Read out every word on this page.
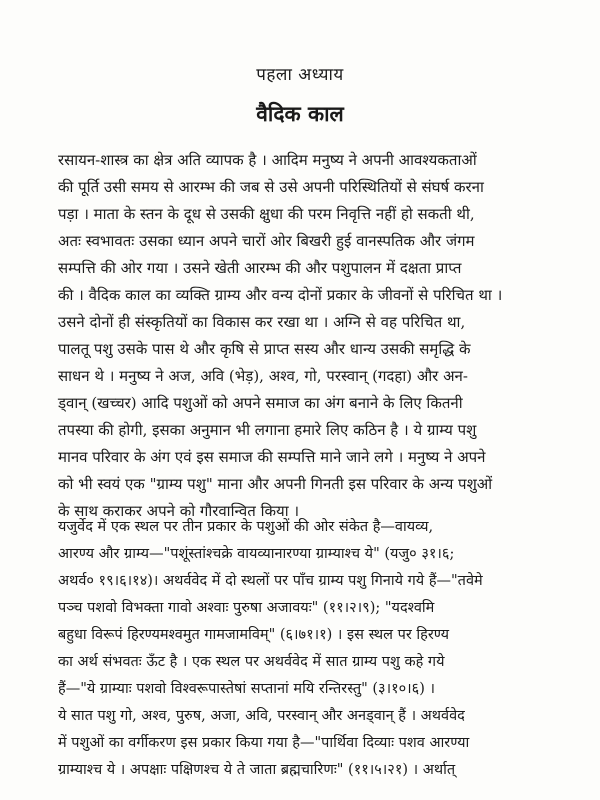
पहला अध्याय
वैदिक काल
रसायन-शास्त्र का क्षेत्र अति व्यापक है । आदिम मनुष्य ने अपनी आवश्यकताओं
की पूर्ति उसी समय से आरम्भ की जब से उसे अपनी परिस्थितियों से संघर्ष करना
पड़ा । माता के स्तन के दूध से उसकी क्षुधा की परम निवृत्ति नहीं हो सकती थी,
अतः स्वभावतः उसका ध्यान अपने चारों ओर बिखरी हुई वानस्पतिक और जंगम
सम्पत्ति की ओर गया । उसने खेती आरम्भ की और पशुपालन में दक्षता प्राप्त
की । वैदिक काल का व्यक्ति ग्राम्य और वन्य दोनों प्रकार के जीवनों से परिचित था ।
उसने दोनों ही संस्कृतियों का विकास कर रखा था । अग्नि से वह परिचित था,
पालतू पशु उसके पास थे और कृषि से प्राप्त सस्य और धान्य उसकी समृद्धि के
साधन थे । मनुष्य ने अज, अवि (भेड़), अश्व, गो, परस्वान् (गदहा) और अन-
ड्वान् (खच्चर) आदि पशुओं को अपने समाज का अंग बनाने के लिए कितनी
तपस्या की होगी, इसका अनुमान भी लगाना हमारे लिए कठिन है । ये ग्राम्य पशु
मानव परिवार के अंग एवं इस समाज की सम्पत्ति माने जाने लगे । मनुष्य ने अपने
को भी स्वयं एक "ग्राम्य पशु" माना और अपनी गिनती इस परिवार के अन्य पशुओं
के साथ कराकर अपने को गौरवान्वित किया ।
यजुर्वेद में एक स्थल पर तीन प्रकार के पशुओं की ओर संकेत है—वायव्य,
आरण्य और ग्राम्य—"पशूंस्तांश्चक्रे वायव्यानारण्या ग्राम्याश्च ये" (यजु० ३१।६;
अथर्व० १९।६।१४)। अथर्ववेद में दो स्थलों पर पाँच ग्राम्य पशु गिनाये गये हैं—"तवेमे
पञ्च पशवो विभक्ता गावो अश्वाः पुरुषा अजावयः" (११।२।९); "यदश्वमि
बहुधा विरूपं हिरण्यमश्वमुत गामजामविम्" (६।७१।१) । इस स्थल पर हिरण्य
का अर्थ संभवतः ऊँट है । एक स्थल पर अथर्ववेद में सात ग्राम्य पशु कहे गये
हैं—"ये ग्राम्याः पशवो विश्वरूपास्तेषां सप्तानां मयि रन्तिरस्तु" (३।१०।६) ।
ये सात पशु गो, अश्व, पुरुष, अजा, अवि, परस्वान् और अनड्वान् हैं । अथर्ववेद
में पशुओं का वर्गीकरण इस प्रकार किया गया है—"पार्थिवा दिव्याः पशव आरण्या
ग्राम्याश्च ये । अपक्षाः पक्षिणश्च ये ते जाता ब्रह्मचारिणः" (११।५।२१) । अर्थात्
